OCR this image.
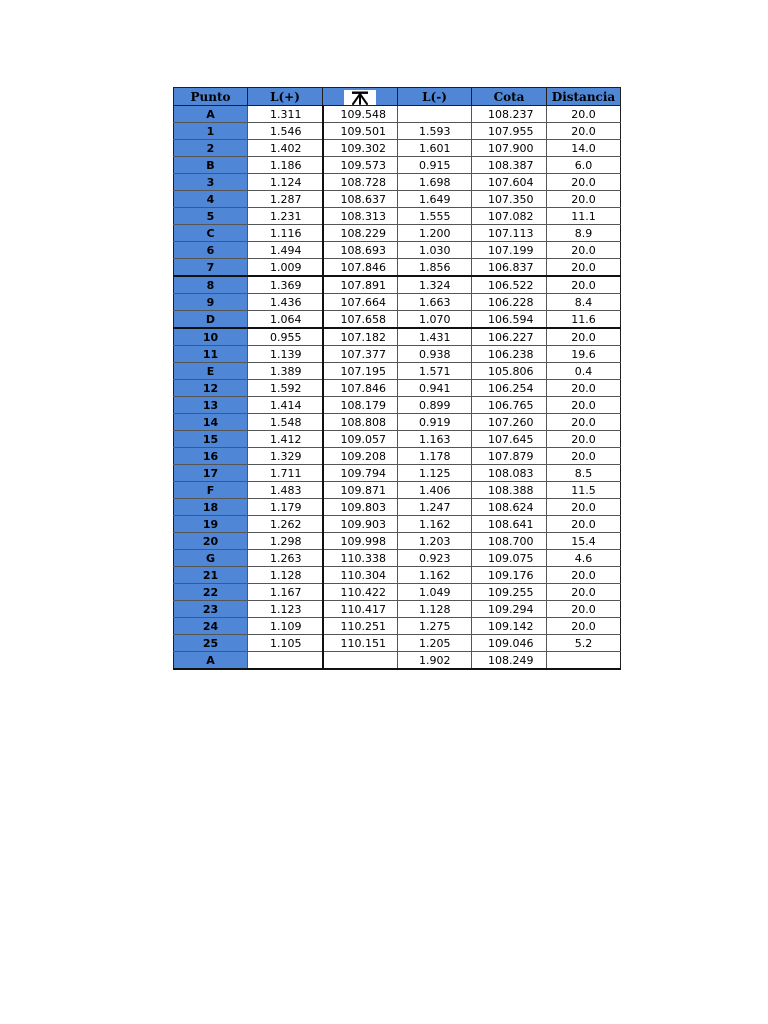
Punto	L(+)		L(-)	Cota	Distancia
A	1.311	109.548		108.237	20.0
1	1.546	109.501	1.593	107.955	20.0
2	1.402	109.302	1.601	107.900	14.0
B	1.186	109.573	0.915	108.387	6.0
3	1.124	108.728	1.698	107.604	20.0
4	1.287	108.637	1.649	107.350	20.0
5	1.231	108.313	1.555	107.082	11.1
C	1.116	108.229	1.200	107.113	8.9
6	1.494	108.693	1.030	107.199	20.0
7	1.009	107.846	1.856	106.837	20.0
8	1.369	107.891	1.324	106.522	20.0
9	1.436	107.664	1.663	106.228	8.4
D	1.064	107.658	1.070	106.594	11.6
10	0.955	107.182	1.431	106.227	20.0
11	1.139	107.377	0.938	106.238	19.6
E	1.389	107.195	1.571	105.806	0.4
12	1.592	107.846	0.941	106.254	20.0
13	1.414	108.179	0.899	106.765	20.0
14	1.548	108.808	0.919	107.260	20.0
15	1.412	109.057	1.163	107.645	20.0
16	1.329	109.208	1.178	107.879	20.0
17	1.711	109.794	1.125	108.083	8.5
F	1.483	109.871	1.406	108.388	11.5
18	1.179	109.803	1.247	108.624	20.0
19	1.262	109.903	1.162	108.641	20.0
20	1.298	109.998	1.203	108.700	15.4
G	1.263	110.338	0.923	109.075	4.6
21	1.128	110.304	1.162	109.176	20.0
22	1.167	110.422	1.049	109.255	20.0
23	1.123	110.417	1.128	109.294	20.0
24	1.109	110.251	1.275	109.142	20.0
25	1.105	110.151	1.205	109.046	5.2
A			1.902	108.249	
